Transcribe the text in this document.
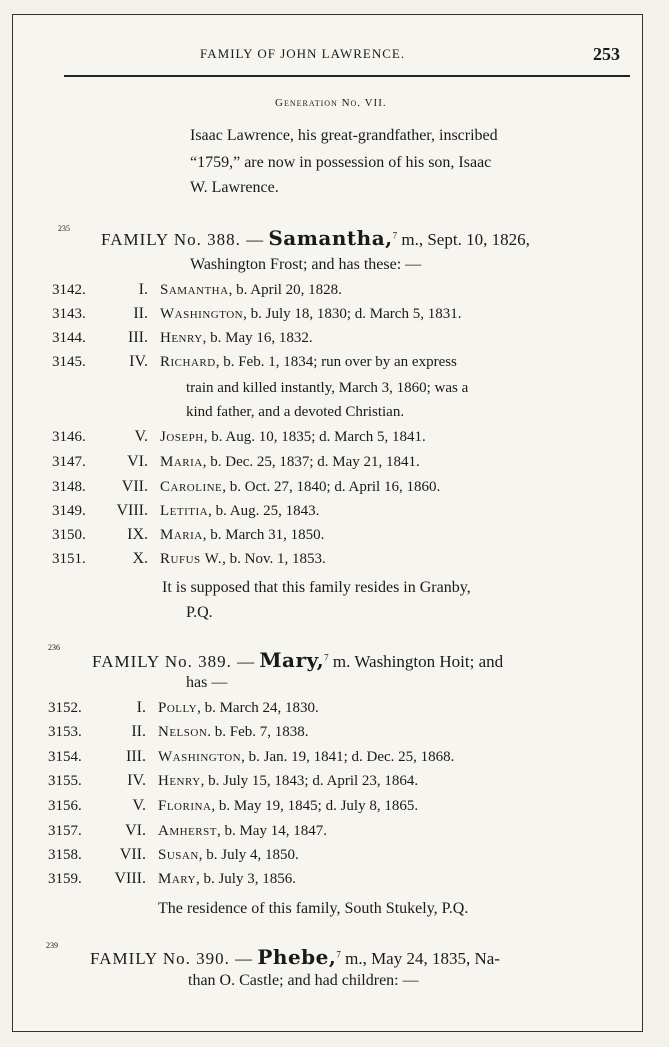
FAMILY OF JOHN LAWRENCE.	253
Generation No. VII.
Isaac Lawrence, his great-grandfather, inscribed
“1759,” are now in possession of his son, Isaac
W. Lawrence.
235
FAMILY No. 388. — Samantha,$^7$ m., Sept. 10, 1826,
Washington Frost; and has these: —
3142.	I. Samantha, b. April 20, 1828.
3143.	II. Washington, b. July 18, 1830; d. March 5, 1831.
3144.	III. Henry, b. May 16, 1832.
3145.	IV. Richard, b. Feb. 1, 1834; run over by an express
train and killed instantly, March 3, 1860; was a
kind father, and a devoted Christian.
3146.	V. Joseph, b. Aug. 10, 1835; d. March 5, 1841.
3147.	VI. Maria, b. Dec. 25, 1837; d. May 21, 1841.
3148.	VII. Caroline, b. Oct. 27, 1840; d. April 16, 1860.
3149.	VIII. Letitia, b. Aug. 25, 1843.
3150.	IX. Maria, b. March 31, 1850.
3151.	X. Rufus W., b. Nov. 1, 1853.
It is supposed that this family resides in Granby,
P.Q.
236
FAMILY No. 389. — Mary,$^7$ m. Washington Hoit; and
has —
3152.	I. Polly, b. March 24, 1830.
3153.	II. Nelson. b. Feb. 7, 1838.
3154.	III. Washington, b. Jan. 19, 1841; d. Dec. 25, 1868.
3155.	IV. Henry, b. July 15, 1843; d. April 23, 1864.
3156.	V. Florina, b. May 19, 1845; d. July 8, 1865.
3157.	VI. Amherst, b. May 14, 1847.
3158.	VII. Susan, b. July 4, 1850.
3159.	VIII. Mary, b. July 3, 1856.
The residence of this family, South Stukely, P.Q.
239
FAMILY No. 390. — Phebe,$^7$ m., May 24, 1835, Na-
than O. Castle; and had children: —
